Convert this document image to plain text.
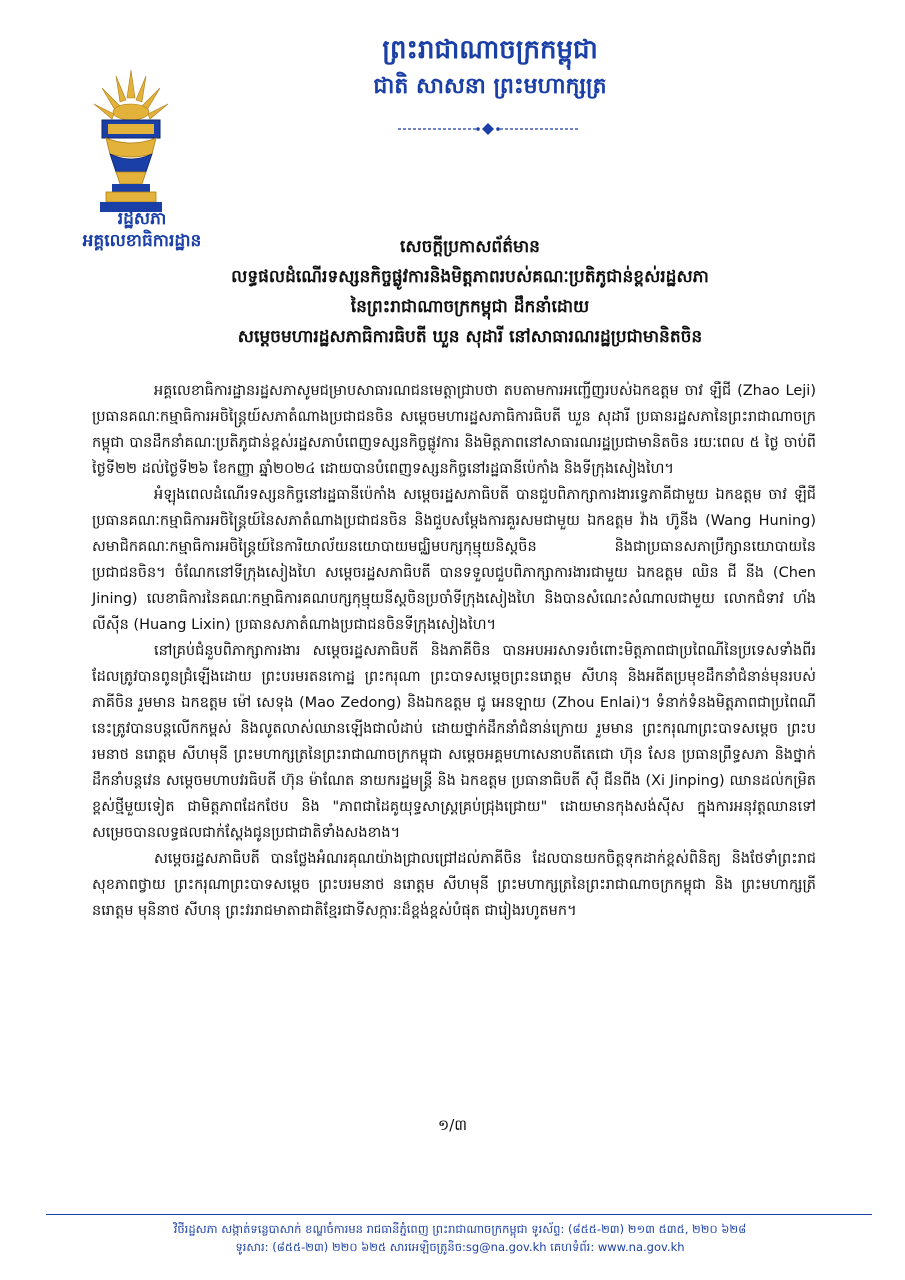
រដ្ឋសភា
អគ្គលេខាធិការដ្ឋាន
ព្រះរាជាណាចក្រកម្ពុជា
ជាតិ សាសនា ព្រះមហាក្សត្រ
សេចក្តីប្រកាសព័ត៌មាន
លទ្ធផលដំណើរទស្សនកិច្ចផ្លូវការនិងមិត្តភាពរបស់គណៈប្រតិភូជាន់ខ្ពស់រដ្ឋសភា
នៃព្រះរាជាណាចក្រកម្ពុជា ដឹកនាំដោយ
សម្តេចមហារដ្ឋសភាធិការធិបតី ឃួន សុដារី នៅសាធារណរដ្ឋប្រជាមានិតចិន

អគ្គលេខាធិការដ្ឋានរដ្ឋសភាសូមជម្រាបសាធារណជនមេត្តាជ្រាបថា តបតាមការអញ្ជើញរបស់ឯកឧត្តម ចាវ ឡឺជី (Zhao Leji) ប្រធានគណៈកម្មាធិការអចិន្ត្រៃយ៍សភាតំណាងប្រជាជនចិន សម្តេចមហារដ្ឋសភាធិការធិបតី ឃួន សុដារី ប្រធានរដ្ឋសភានៃព្រះរាជាណាចក្រកម្ពុជា បានដឹកនាំគណៈប្រតិភូជាន់ខ្ពស់រដ្ឋសភាបំពេញទស្សនកិច្ចផ្លូវការ និងមិត្តភាពនៅសាធារណរដ្ឋប្រជាមានិតចិន រយៈពេល ៥ ថ្ងៃ ចាប់ពីថ្ងៃទី២២ ដល់ថ្ងៃទី២៦ ខែកញ្ញា ឆ្នាំ២០២៤ ដោយបានបំពេញទស្សនកិច្ចនៅរដ្ឋធានីប៉េកាំង និងទីក្រុងសៀងហៃ។

អំឡុងពេលដំណើរទស្សនកិច្ចនៅរដ្ឋធានីប៉េកាំង សម្តេចរដ្ឋសភាធិបតី បានជួបពិភាក្សាការងារទ្វេភាគីជាមួយ ឯកឧត្តម ចាវ ឡឺជី ប្រធានគណៈកម្មាធិការអចិន្ត្រៃយ៍នៃសភាតំណាងប្រជាជនចិន និងជួបសម្តែងការគួរសមជាមួយ ឯកឧត្តម វ៉ាង ហ៊ូនីង (Wang Huning) សមាជិកគណៈកម្មាធិការអចិន្ត្រៃយ៍នៃការិយាល័យនយោបាយមជ្ឈិមបក្សកុម្មុយនិស្តចិន និងជាប្រធានសភាប្រឹក្សានយោបាយនៃប្រជាជនចិន។ ចំណែកនៅទីក្រុងសៀងហៃ សម្តេចរដ្ឋសភាធិបតី បានទទួលជួបពិភាក្សាការងារជាមួយ ឯកឧត្តម ឈិន ជី នីង (Chen Jining) លេខាធិការនៃគណៈកម្មាធិការគណបក្សកុម្មុយនីស្តចិនប្រចាំទីក្រុងសៀងហៃ និងបានសំណេះសំណាលជាមួយ លោកជំទាវ ហ័ង លីស៊ីន (Huang Lixin) ប្រធានសភាតំណាងប្រជាជនចិនទីក្រុងសៀងហៃ។

នៅគ្រប់ជំនួបពិភាក្សាការងារ សម្តេចរដ្ឋសភាធិបតី និងភាគីចិន បានអបអរសាទរចំពោះមិត្តភាពជាប្រពៃណីនៃប្រទេសទាំងពីរដែលត្រូវបានពូនជ្រំឡើងដោយ ព្រះបរមរតនកោដ្ឋ ព្រះករុណា ព្រះបាទសម្តេចព្រះនរោត្តម សីហនុ និងអតីតប្រមុខដឹកនាំជំនាន់មុនរបស់ភាគីចិន រួមមាន ឯកឧត្តម ម៉ៅ សេទុង (Mao Zedong) និងឯកឧត្តម ជូ អេនឡាយ (Zhou Enlai)។ ទំនាក់ទំនងមិត្តភាពជាប្រពៃណីនេះត្រូវបានបន្តលើកកម្ពស់ និងលូតលាស់ឈានឡើងជាលំដាប់ ដោយថ្នាក់ដឹកនាំជំនាន់ក្រោយ រួមមាន ព្រះករុណាព្រះបាទសម្តេច ព្រះបរមនាថ នរោត្តម សីហមុនី ព្រះមហាក្សត្រនៃព្រះរាជាណាចក្រកម្ពុជា សម្តេចអគ្គមហាសេនាបតីតេជោ ហ៊ុន សែន ប្រធានព្រឹទ្ធសភា និងថ្នាក់ដឹកនាំបន្តវេន សម្តេចមហាបវរធិបតី ហ៊ុន ម៉ាណែត នាយករដ្ឋមន្ត្រី និង ឯកឧត្តម ប្រធានាធិបតី ស៊ី ជីនពីង (Xi Jinping) ឈានដល់កម្រិតខ្ពស់ថ្មីមួយទៀត ជាមិត្តភាពដែកថែប និង "ភាពជាដៃគូយុទ្ធសាស្ត្រគ្រប់ជ្រុងជ្រោយ" ដោយមានកុងសង់ស៊ីស ក្នុងការអនុវត្តឈានទៅសម្រេចបានលទ្ធផលជាក់ស្តែងជូនប្រជាជាតិទាំងសងខាង។

សម្តេចរដ្ឋសភាធិបតី បានថ្លែងអំណរគុណយ៉ាងជ្រាលជ្រៅដល់ភាគីចិន ដែលបានយកចិត្តទុកដាក់ខ្ពស់ពិនិត្យ និងថែទាំព្រះរាជសុខភាពថ្វាយ ព្រះករុណាព្រះបាទសម្តេច ព្រះបរមនាថ នរោត្តម សីហមុនី ព្រះមហាក្សត្រនៃព្រះរាជាណាចក្រកម្ពុជា និង ព្រះមហាក្សត្រី នរោត្តម មុនិនាថ សីហនុ ព្រះវររាជមាតាជាតិខ្មែរជាទីសក្ការៈដ៏ខ្ពង់ខ្ពស់បំផុត ជារៀងរហូតមក។

១/៣
វិថីរដ្ឋសភា សង្កាត់ទន្លេបាសាក់ ខណ្ឌចំការមន រាជធានីភ្នំពេញ ព្រះរាជាណាចក្រកម្ពុជា ទូរស័ព្ទ: (៨៥៥-២៣) ២១៣ ៥៣៥, ២២០ ៦២៨
ទូរសារ: (៨៥៥-២៣) ២២០ ៦២៥ សារអេឡិចត្រូនិច:sg@na.gov.kh គេហទំព័រ: www.na.gov.kh
